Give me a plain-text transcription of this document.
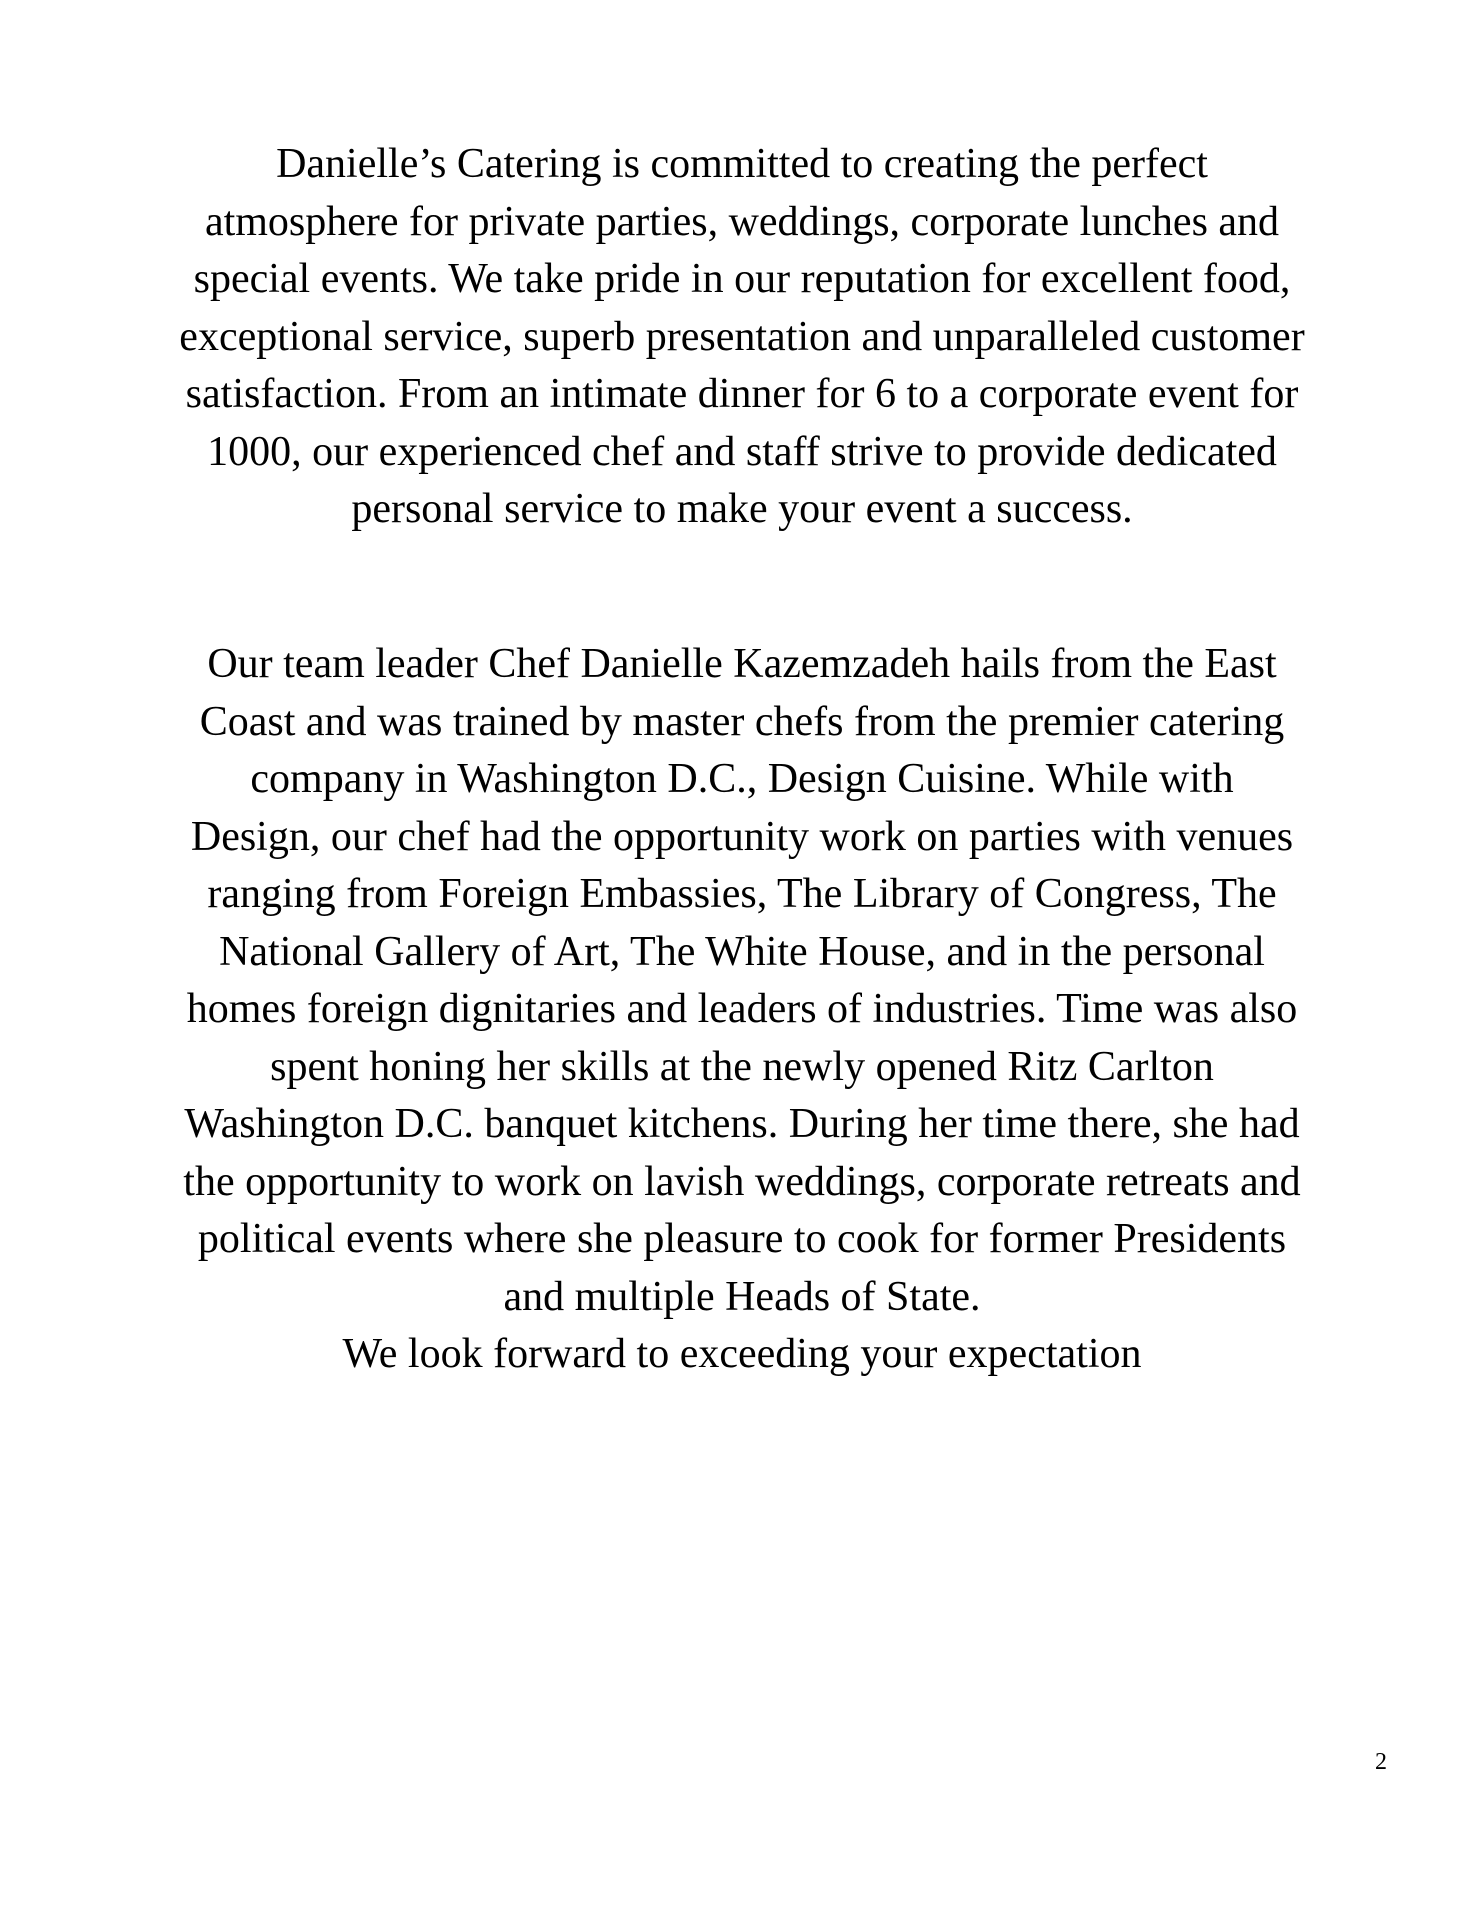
Danielle’s Catering is committed to creating the perfect
atmosphere for private parties, weddings, corporate lunches and
special events. We take pride in our reputation for excellent food,
exceptional service, superb presentation and unparalleled customer
satisfaction. From an intimate dinner for 6 to a corporate event for
1000, our experienced chef and staff strive to provide dedicated
personal service to make your event a success.
Our team leader Chef Danielle Kazemzadeh hails from the East
Coast and was trained by master chefs from the premier catering
company in Washington D.C., Design Cuisine. While with
Design, our chef had the opportunity work on parties with venues
ranging from Foreign Embassies, The Library of Congress, The
National Gallery of Art, The White House, and in the personal
homes foreign dignitaries and leaders of industries. Time was also
spent honing her skills at the newly opened Ritz Carlton
Washington D.C. banquet kitchens. During her time there, she had
the opportunity to work on lavish weddings, corporate retreats and
political events where she pleasure to cook for former Presidents
and multiple Heads of State.
We look forward to exceeding your expectation
2
